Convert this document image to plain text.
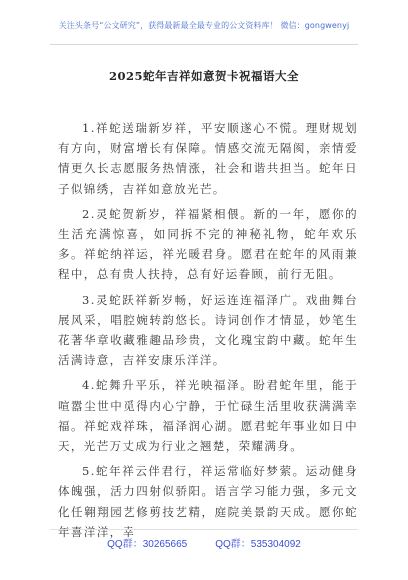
关注头条号“公文研究”，获得最新最全最专业的公文资料库！ 微信：gongwenyj
2025蛇年吉祥如意贺卡祝福语大全

1.祥蛇送瑞新岁祥，平安顺遂心不慌。理财规划有方向，财富增长有保障。情感交流无隔阂，亲情爱情更久长志愿服务热情涨，社会和谐共担当。蛇年日子似锦绣，吉祥如意放光芒。

2.灵蛇贺新岁，祥福紧相偎。新的一年，愿你的生活充满惊喜，如同拆不完的神秘礼物，蛇年欢乐多。祥蛇纳祥运，祥光暖君身。愿君在蛇年的风雨兼程中，总有贵人扶持，总有好运眷顾，前行无阻。

3.灵蛇跃祥新岁畅，好运连连福泽广。戏曲舞台展风采，唱腔婉转韵悠长。诗词创作才情显，妙笔生花著华章收藏雅趣品珍贵，文化瑰宝韵中藏。蛇年生活满诗意，吉祥安康乐洋洋。

4.蛇舞升平乐，祥光映福泽。盼君蛇年里，能于喧嚣尘世中觅得内心宁静，于忙碌生活里收获满满幸福。祥蛇戏祥珠，福泽润心湖。愿君蛇年事业如日中天，光芒万丈成为行业之翘楚，荣耀满身。

5.蛇年祥云伴君行，祥运常临好梦萦。运动健身体魄强，活力四射似骄阳。语言学习能力强，多元文化任翱翔园艺修剪技艺精，庭院美景韵天成。愿你蛇年喜洋洋，幸

QQ群：30265665	QQ群：535304092
